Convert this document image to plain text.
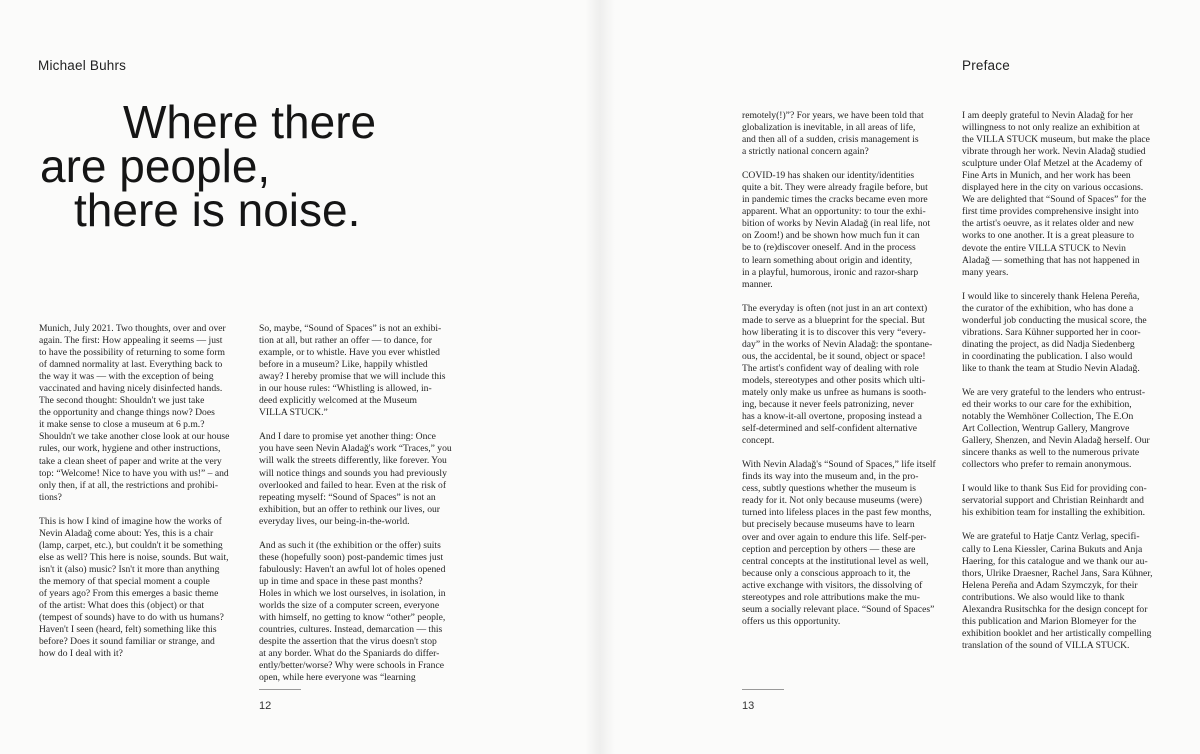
Michael Buhrs
Where there
are people,
there is noise.

Munich, July 2021. Two thoughts, over and over
again. The first: How appealing it seems — just
to have the possibility of returning to some form
of damned normality at last. Everything back to
the way it was — with the exception of being
vaccinated and having nicely disinfected hands.
The second thought: Shouldn't we just take
the opportunity and change things now? Does
it make sense to close a museum at 6 p.m.?
Shouldn't we take another close look at our house
rules, our work, hygiene and other instructions,
take a clean sheet of paper and write at the very
top: “Welcome! Nice to have you with us!” – and
only then, if at all, the restrictions and prohibi-
tions?

This is how I kind of imagine how the works of
Nevin Aladağ come about: Yes, this is a chair
(lamp, carpet, etc.), but couldn't it be something
else as well? This here is noise, sounds. But wait,
isn't it (also) music? Isn't it more than anything
the memory of that special moment a couple
of years ago? From this emerges a basic theme
of the artist: What does this (object) or that
(tempest of sounds) have to do with us humans?
Haven't I seen (heard, felt) something like this
before? Does it sound familiar or strange, and
how do I deal with it?

So, maybe, “Sound of Spaces” is not an exhibi-
tion at all, but rather an offer — to dance, for
example, or to whistle. Have you ever whistled
before in a museum? Like, happily whistled
away? I hereby promise that we will include this
in our house rules: “Whistling is allowed, in-
deed explicitly welcomed at the Museum
VILLA STUCK.”

And I dare to promise yet another thing: Once
you have seen Nevin Aladağ's work “Traces,” you
will walk the streets differently, like forever. You
will notice things and sounds you had previously
overlooked and failed to hear. Even at the risk of
repeating myself: “Sound of Spaces” is not an
exhibition, but an offer to rethink our lives, our
everyday lives, our being-in-the-world.

And as such it (the exhibition or the offer) suits
these (hopefully soon) post-pandemic times just
fabulously: Haven't an awful lot of holes opened
up in time and space in these past months?
Holes in which we lost ourselves, in isolation, in
worlds the size of a computer screen, everyone
with himself, no getting to know “other” people,
countries, cultures. Instead, demarcation — this
despite the assertion that the virus doesn't stop
at any border. What do the Spaniards do differ-
ently/better/worse? Why were schools in France
open, while here everyone was “learning

12
Preface

remotely(!)”? For years, we have been told that
globalization is inevitable, in all areas of life,
and then all of a sudden, crisis management is
a strictly national concern again?

COVID-19 has shaken our identity/identities
quite a bit. They were already fragile before, but
in pandemic times the cracks became even more
apparent. What an opportunity: to tour the exhi-
bition of works by Nevin Aladağ (in real life, not
on Zoom!) and be shown how much fun it can
be to (re)discover oneself. And in the process
to learn something about origin and identity,
in a playful, humorous, ironic and razor-sharp
manner.

The everyday is often (not just in an art context)
made to serve as a blueprint for the special. But
how liberating it is to discover this very “every-
day” in the works of Nevin Aladağ: the spontane-
ous, the accidental, be it sound, object or space!
The artist's confident way of dealing with role
models, stereotypes and other posits which ulti-
mately only make us unfree as humans is sooth-
ing, because it never feels patronizing, never
has a know-it-all overtone, proposing instead a
self-determined and self-confident alternative
concept.

With Nevin Aladağ's “Sound of Spaces,” life itself
finds its way into the museum and, in the pro-
cess, subtly questions whether the museum is
ready for it. Not only because museums (were)
turned into lifeless places in the past few months,
but precisely because museums have to learn
over and over again to endure this life. Self-per-
ception and perception by others — these are
central concepts at the institutional level as well,
because only a conscious approach to it, the
active exchange with visitors, the dissolving of
stereotypes and role attributions make the mu-
seum a socially relevant place. “Sound of Spaces”
offers us this opportunity.

I am deeply grateful to Nevin Aladağ for her
willingness to not only realize an exhibition at
the VILLA STUCK museum, but make the place
vibrate through her work. Nevin Aladağ studied
sculpture under Olaf Metzel at the Academy of
Fine Arts in Munich, and her work has been
displayed here in the city on various occasions.
We are delighted that “Sound of Spaces” for the
first time provides comprehensive insight into
the artist's oeuvre, as it relates older and new
works to one another. It is a great pleasure to
devote the entire VILLA STUCK to Nevin
Aladağ — something that has not happened in
many years.

I would like to sincerely thank Helena Pereña,
the curator of the exhibition, who has done a
wonderful job conducting the musical score, the
vibrations. Sara Kühner supported her in coor-
dinating the project, as did Nadja Siedenberg
in coordinating the publication. I also would
like to thank the team at Studio Nevin Aladağ.

We are very grateful to the lenders who entrust-
ed their works to our care for the exhibition,
notably the Wemhöner Collection, The E.On
Art Collection, Wentrup Gallery, Mangrove
Gallery, Shenzen, and Nevin Aladağ herself. Our
sincere thanks as well to the numerous private
collectors who prefer to remain anonymous.

I would like to thank Sus Eid for providing con-
servatorial support and Christian Reinhardt and
his exhibition team for installing the exhibition.

We are grateful to Hatje Cantz Verlag, specifi-
cally to Lena Kiessler, Carina Bukuts and Anja
Haering, for this catalogue and we thank our au-
thors, Ulrike Draesner, Rachel Jans, Sara Kühner,
Helena Pereña and Adam Szymczyk, for their
contributions. We also would like to thank
Alexandra Rusitschka for the design concept for
this publication and Marion Blomeyer for the
exhibition booklet and her artistically compelling
translation of the sound of VILLA STUCK.

13
